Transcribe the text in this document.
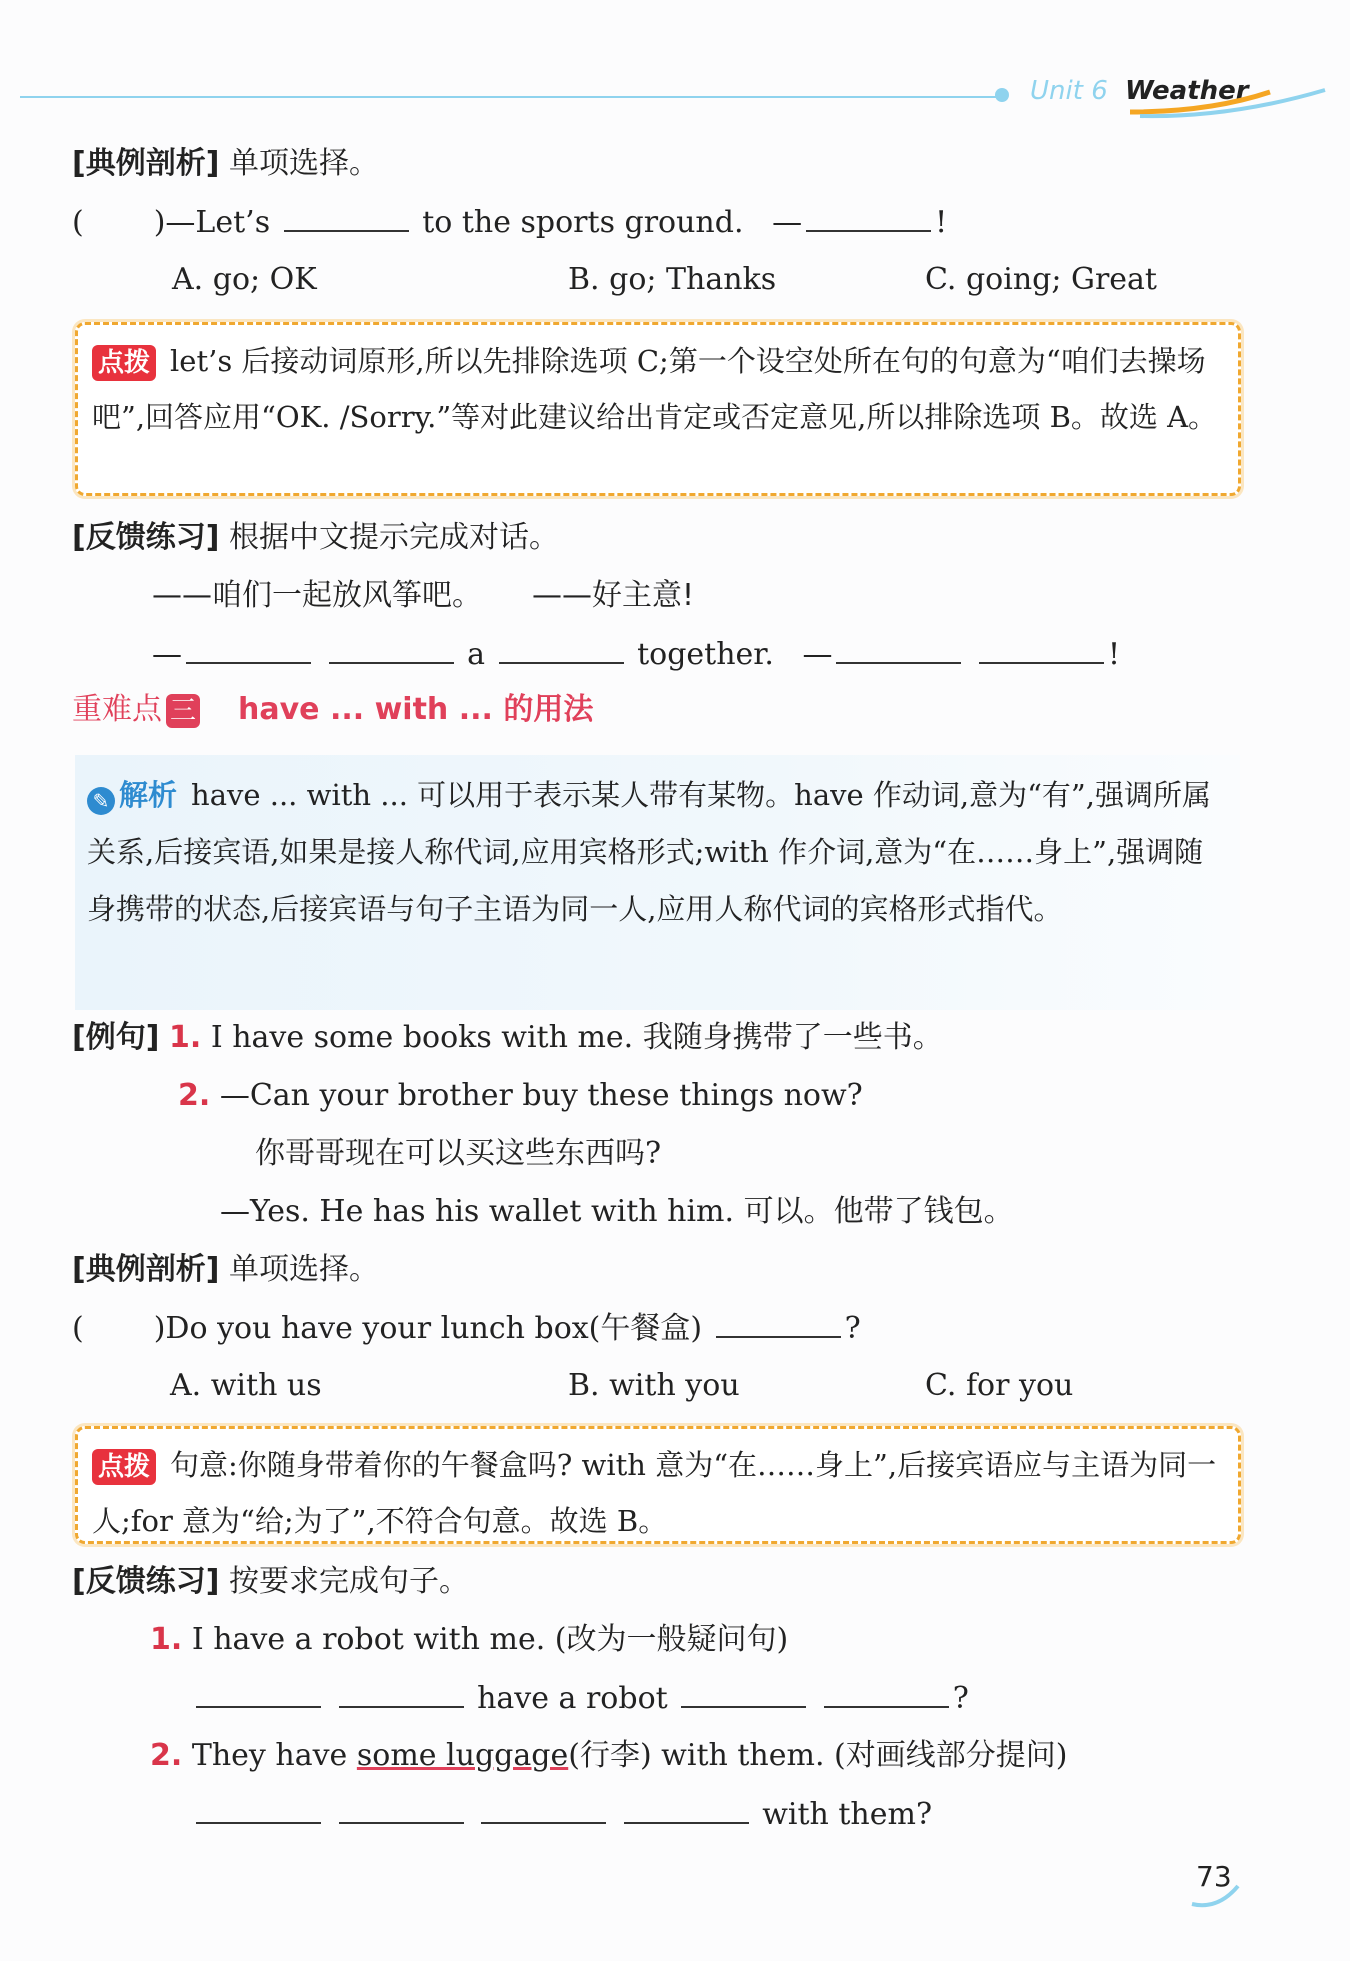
Unit 6 Weather
[典例剖析] 单项选择。
( )—Let’s	to the sports ground. —	!
A. go; OK	B. go; Thanks	C. going; Great
点拨 let’s 后接动词原形,所以先排除选项 C;第一个设空处所在句的句意为“咱们去操场吧”,回答应用“OK. /Sorry.”等对此建议给出肯定或否定意见,所以排除选项 B。故选 A。
[反馈练习] 根据中文提示完成对话。
——咱们一起放风筝吧。 ——好主意!
—	a	together. —	!
重难点 三 have ... with ... 的用法
✎ 解析 have ... with ... 可以用于表示某人带有某物。have 作动词,意为“有”,强调所属关系,后接宾语,如果是接人称代词,应用宾格形式;with 作介词,意为“在……身上”,强调随身携带的状态,后接宾语与句子主语为同一人,应用人称代词的宾格形式指代。
[例句] 1. I have some books with me. 我随身携带了一些书。
2. —Can your brother buy these things now?
你哥哥现在可以买这些东西吗?
—Yes. He has his wallet with him. 可以。他带了钱包。
[典例剖析] 单项选择。
( )Do you have your lunch box(午餐盒)	?
A. with us	B. with you	C. for you
点拨 句意:你随身带着你的午餐盒吗? with 意为“在……身上”,后接宾语应与主语为同一人;for 意为“给;为了”,不符合句意。故选 B。
[反馈练习] 按要求完成句子。
1. I have a robot with me. (改为一般疑问句)
have a robot	?
2. They have some luggage(行李) with them. (对画线部分提问)
with them?
73
